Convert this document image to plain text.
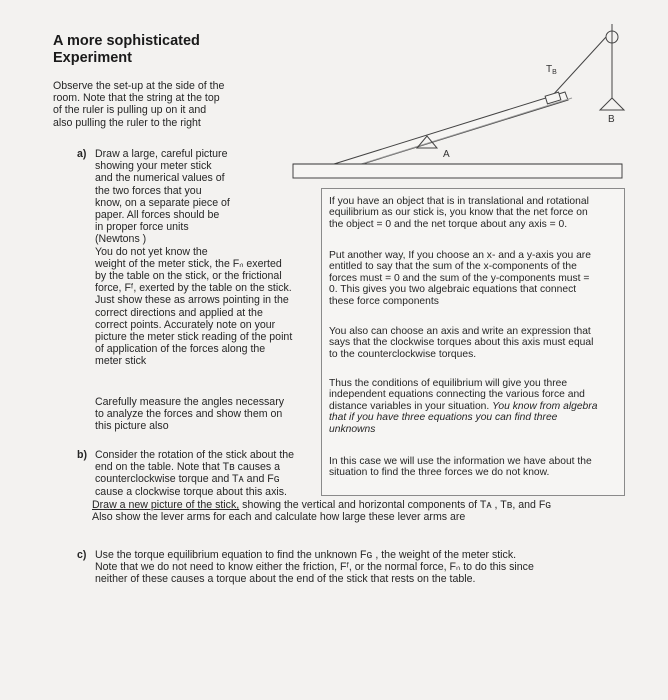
A more sophisticated
Experiment
Observe the set-up at the side of the
room. Note that the string at the top
of the ruler is pulling up on it and
also pulling the ruler to the right
$T_B$
A
B
a) Draw a large, careful picture
showing your meter stick
and the numerical values of
the two forces that you
know, on a separate piece of
paper. All forces should be
in proper force units
(Newtons )
You do not yet know the
weight of the meter stick, the Fₙ exerted
by the table on the stick, or the frictional
force, Fᶠ, exerted by the table on the stick.
Just show these as arrows pointing in the
correct directions and applied at the
correct points. Accurately note on your
picture the meter stick reading of the point
of application of the forces along the
meter stick
Carefully measure the angles necessary
to analyze the forces and show them on
this picture also
If you have an object that is in translational and rotational
equilibrium as our stick is, you know that the net force on
the object = 0 and the net torque about any axis = 0.
Put another way, If you choose an x- and a y-axis you are
entitled to say that the sum of the x-components of the
forces must = 0 and the sum of the y-components must =
0. This gives you two algebraic equations that connect
these force components
You also can choose an axis and write an expression that
says that the clockwise torques about this axis must equal
to the counterclockwise torques.
Thus the conditions of equilibrium will give you three
independent equations connecting the various force and
distance variables in your situation. You know from algebra
that if you have three equations you can find three
unknowns
In this case we will use the information we have about the
situation to find the three forces we do not know.
b) Consider the rotation of the stick about the
end on the table. Note that Tʙ causes a
counterclockwise torque and Tᴀ and Fɢ
cause a clockwise torque about this axis.
Draw a new picture of the stick, showing the vertical and horizontal components of Tᴀ , Tʙ, and Fɢ
Also show the lever arms for each and calculate how large these lever arms are
c) Use the torque equilibrium equation to find the unknown Fɢ , the weight of the meter stick.
Note that we do not need to know either the friction, Fᶠ, or the normal force, Fₙ to do this since
neither of these causes a torque about the end of the stick that rests on the table.
